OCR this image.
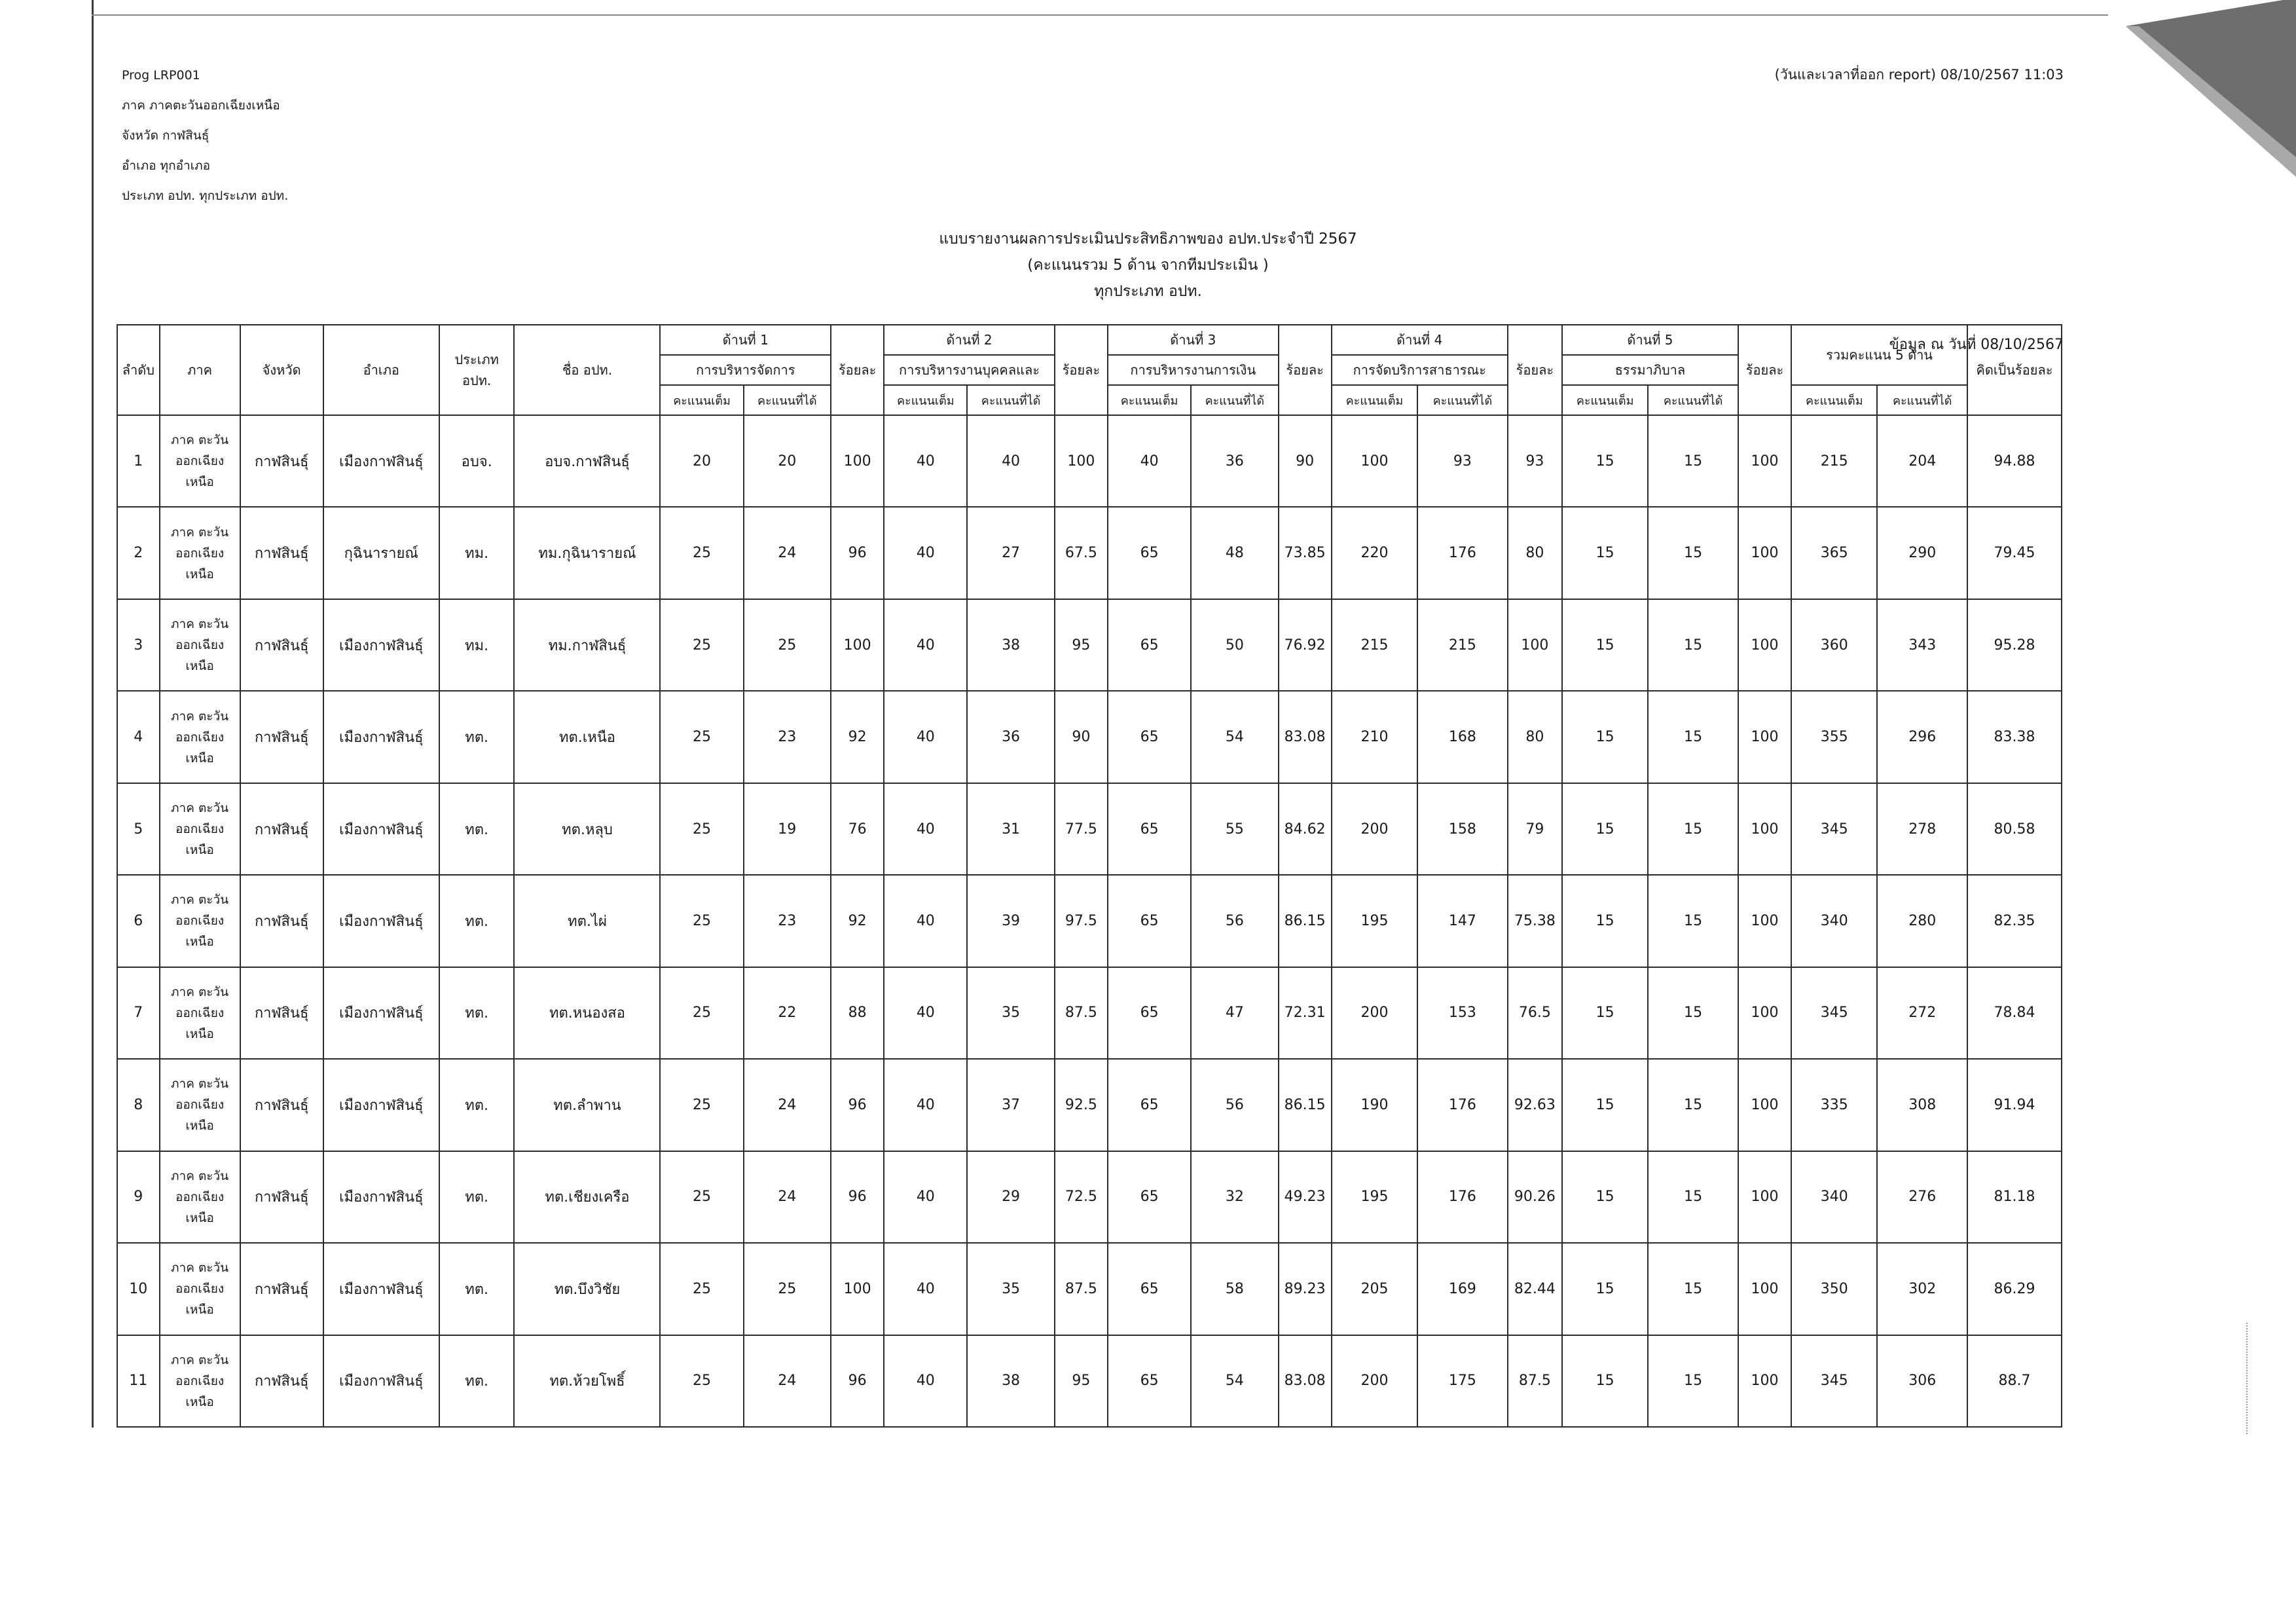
Prog LRP001
ภาค ภาคตะวันออกเฉียงเหนือ
จังหวัด กาฬสินธุ์
อำเภอ ทุกอำเภอ
ประเภท อปท. ทุกประเภท อปท.
(วันและเวลาที่ออก report) 08/10/2567 11:03
แบบรายงานผลการประเมินประสิทธิภาพของ อปท.ประจำปี 2567
(คะแนนรวม 5 ด้าน จากทีมประเมิน )
ทุกประเภท อปท.
ข้อมูล ณ วันที่ 08/10/2567
ลำดับ	ภาค	จังหวัด	อำเภอ	ประเภท อปท.	ชื่อ อปท.	ด้านที่ 1		ร้อยละ	ด้านที่ 2		ร้อยละ	ด้านที่ 3		ร้อยละ	ด้านที่ 4		ร้อยละ	ด้านที่ 5		ร้อยละ	รวมคะแนน 5 ด้าน		คิดเป็นร้อยละ
						การบริหารจัดการ			การบริหารงานบุคคลและ			การบริหารงานการเงิน			การจัดบริการสาธารณะ			ธรรมาภิบาล					
						คะแนนเต็ม	คะแนนที่ได้		คะแนนเต็ม	คะแนนที่ได้		คะแนนเต็ม	คะแนนที่ได้		คะแนนเต็ม	คะแนนที่ได้		คะแนนเต็ม	คะแนนที่ได้		คะแนนเต็ม	คะแนนที่ได้	
1	ภาค ตะวันออกเฉียงเหนือ	กาฬสินธุ์	เมืองกาฬสินธุ์	อบจ.	อบจ.กาฬสินธุ์	20	20	100	40	40	100	40	36	90	100	93	93	15	15	100	215	204	94.88
2	ภาค ตะวันออกเฉียงเหนือ	กาฬสินธุ์	กุฉินารายณ์	ทม.	ทม.กุฉินารายณ์	25	24	96	40	27	67.5	65	48	73.85	220	176	80	15	15	100	365	290	79.45
3	ภาค ตะวันออกเฉียงเหนือ	กาฬสินธุ์	เมืองกาฬสินธุ์	ทม.	ทม.กาฬสินธุ์	25	25	100	40	38	95	65	50	76.92	215	215	100	15	15	100	360	343	95.28
4	ภาค ตะวันออกเฉียงเหนือ	กาฬสินธุ์	เมืองกาฬสินธุ์	ทต.	ทต.เหนือ	25	23	92	40	36	90	65	54	83.08	210	168	80	15	15	100	355	296	83.38
5	ภาค ตะวันออกเฉียงเหนือ	กาฬสินธุ์	เมืองกาฬสินธุ์	ทต.	ทต.หลุบ	25	19	76	40	31	77.5	65	55	84.62	200	158	79	15	15	100	345	278	80.58
6	ภาค ตะวันออกเฉียงเหนือ	กาฬสินธุ์	เมืองกาฬสินธุ์	ทต.	ทต.ไผ่	25	23	92	40	39	97.5	65	56	86.15	195	147	75.38	15	15	100	340	280	82.35
7	ภาค ตะวันออกเฉียงเหนือ	กาฬสินธุ์	เมืองกาฬสินธุ์	ทต.	ทต.หนองสอ	25	22	88	40	35	87.5	65	47	72.31	200	153	76.5	15	15	100	345	272	78.84
8	ภาค ตะวันออกเฉียงเหนือ	กาฬสินธุ์	เมืองกาฬสินธุ์	ทต.	ทต.ลำพาน	25	24	96	40	37	92.5	65	56	86.15	190	176	92.63	15	15	100	335	308	91.94
9	ภาค ตะวันออกเฉียงเหนือ	กาฬสินธุ์	เมืองกาฬสินธุ์	ทต.	ทต.เชียงเครือ	25	24	96	40	29	72.5	65	32	49.23	195	176	90.26	15	15	100	340	276	81.18
10	ภาค ตะวันออกเฉียงเหนือ	กาฬสินธุ์	เมืองกาฬสินธุ์	ทต.	ทต.บึงวิชัย	25	25	100	40	35	87.5	65	58	89.23	205	169	82.44	15	15	100	350	302	86.29
11	ภาค ตะวันออกเฉียงเหนือ	กาฬสินธุ์	เมืองกาฬสินธุ์	ทต.	ทต.ห้วยโพธิ์	25	24	96	40	38	95	65	54	83.08	200	175	87.5	15	15	100	345	306	88.7
